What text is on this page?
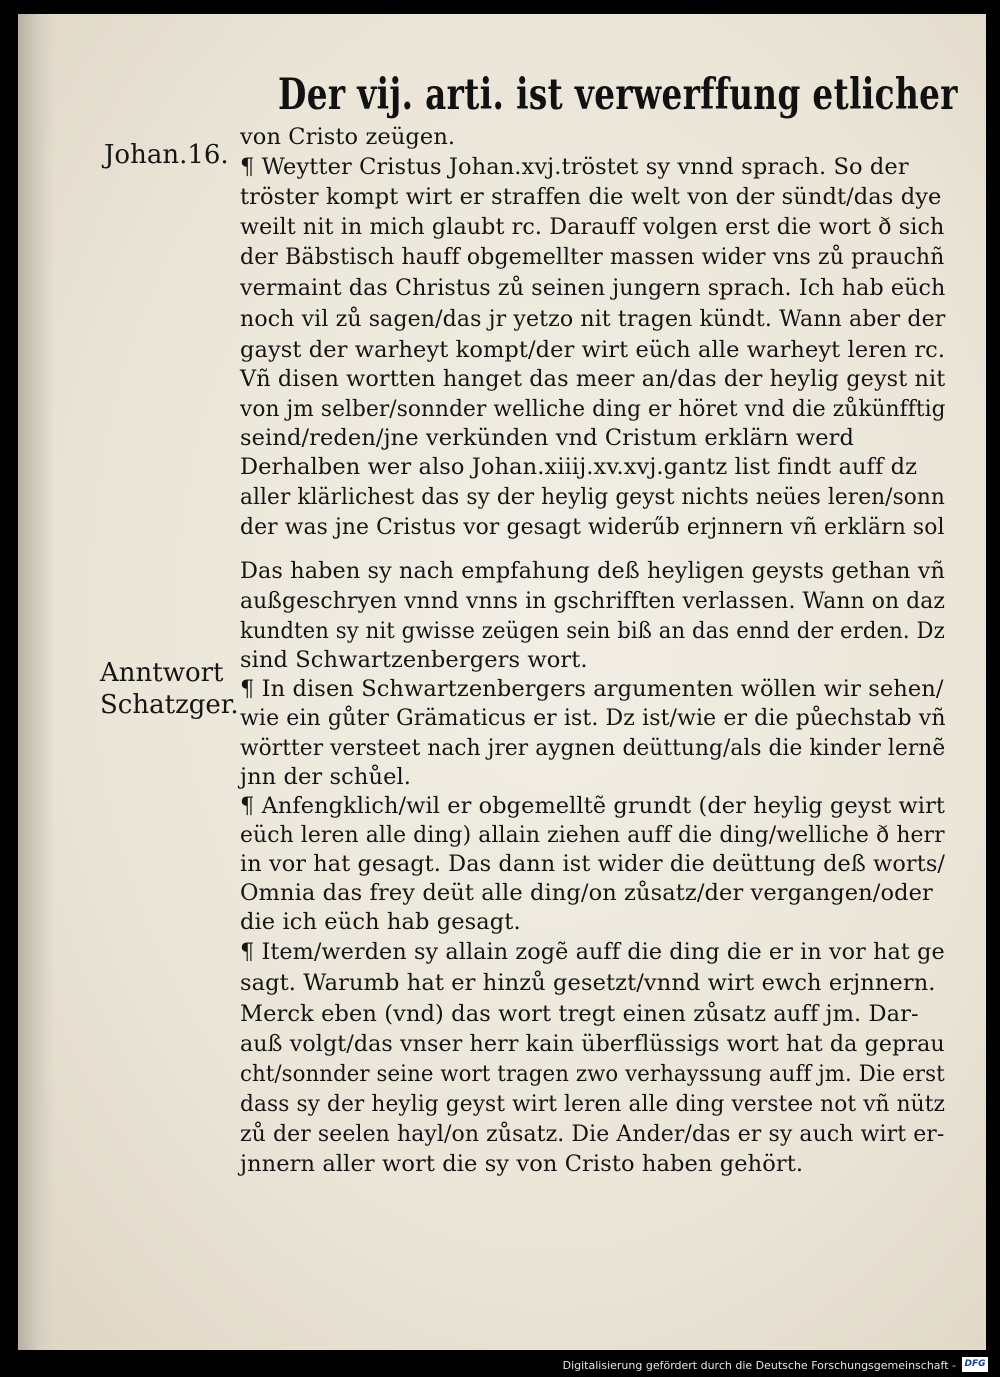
Der vij. arti. ist verwerffung etlicher
Johan.16.
Anntwort
Schatzger.
von Cristo zeügen.
¶ Weytter Cristus Johan.xvj.tröstet sy vnnd sprach. So der
tröster kompt wirt er straffen die welt von der sündt/das dye
weilt nit in mich glaubt rc. Darauff volgen erst die wort ð sich
der Bäbstisch hauff obgemellter massen wider vns zů prauchñ
vermaint das Christus zů seinen jungern sprach. Ich hab eüch
noch vil zů sagen/das jr yetzo nit tragen kündt. Wann aber der
gayst der warheyt kompt/der wirt eüch alle warheyt leren rc.
Vñ disen wortten hanget das meer an/das der heylig geyst nit
von jm selber/sonnder welliche ding er höret vnd die zůkünfftig
seind/reden/jne verkünden vnd Cristum erklärn werd
Derhalben wer also Johan.xiiij.xv.xvj.gantz list findt auff dz
aller klärlichest das sy der heylig geyst nichts neües leren/sonn
der was jne Cristus vor gesagt widerűb erjnnern vñ erklärn sol
Das haben sy nach empfahung deß heyligen geysts gethan vñ
außgeschryen vnnd vnns in gschrifften verlassen. Wann on daz
kundten sy nit gwisse zeügen sein biß an das ennd der erden. Dz
sind Schwartzenbergers wort.
¶ In disen Schwartzenbergers argumenten wöllen wir sehen/
wie ein gůter Grämaticus er ist. Dz ist/wie er die půechstab vñ
wörtter versteet nach jrer aygnen deüttung/als die kinder lernẽ
jnn der schůel.
¶ Anfengklich/wil er obgemelltẽ grundt (der heylig geyst wirt
eüch leren alle ding) allain ziehen auff die ding/welliche ð herr
in vor hat gesagt. Das dann ist wider die deüttung deß worts/
Omnia das frey deüt alle ding/on zůsatz/der vergangen/oder
die ich eüch hab gesagt.
¶ Item/werden sy allain zogẽ auff die ding die er in vor hat ge
sagt. Warumb hat er hinzů gesetzt/vnnd wirt ewch erjnnern.
Merck eben (vnd) das wort tregt einen zůsatz auff jm. Dar-
auß volgt/das vnser herr kain überflüssigs wort hat da geprau
cht/sonnder seine wort tragen zwo verhayssung auff jm. Die erst
dass sy der heylig geyst wirt leren alle ding verstee not vñ nütz
zů der seelen hayl/on zůsatz. Die Ander/das er sy auch wirt er-
jnnern aller wort die sy von Cristo haben gehört.
Digitalisierung gefördert durch die Deutsche Forschungsgemeinschaft - DFG
